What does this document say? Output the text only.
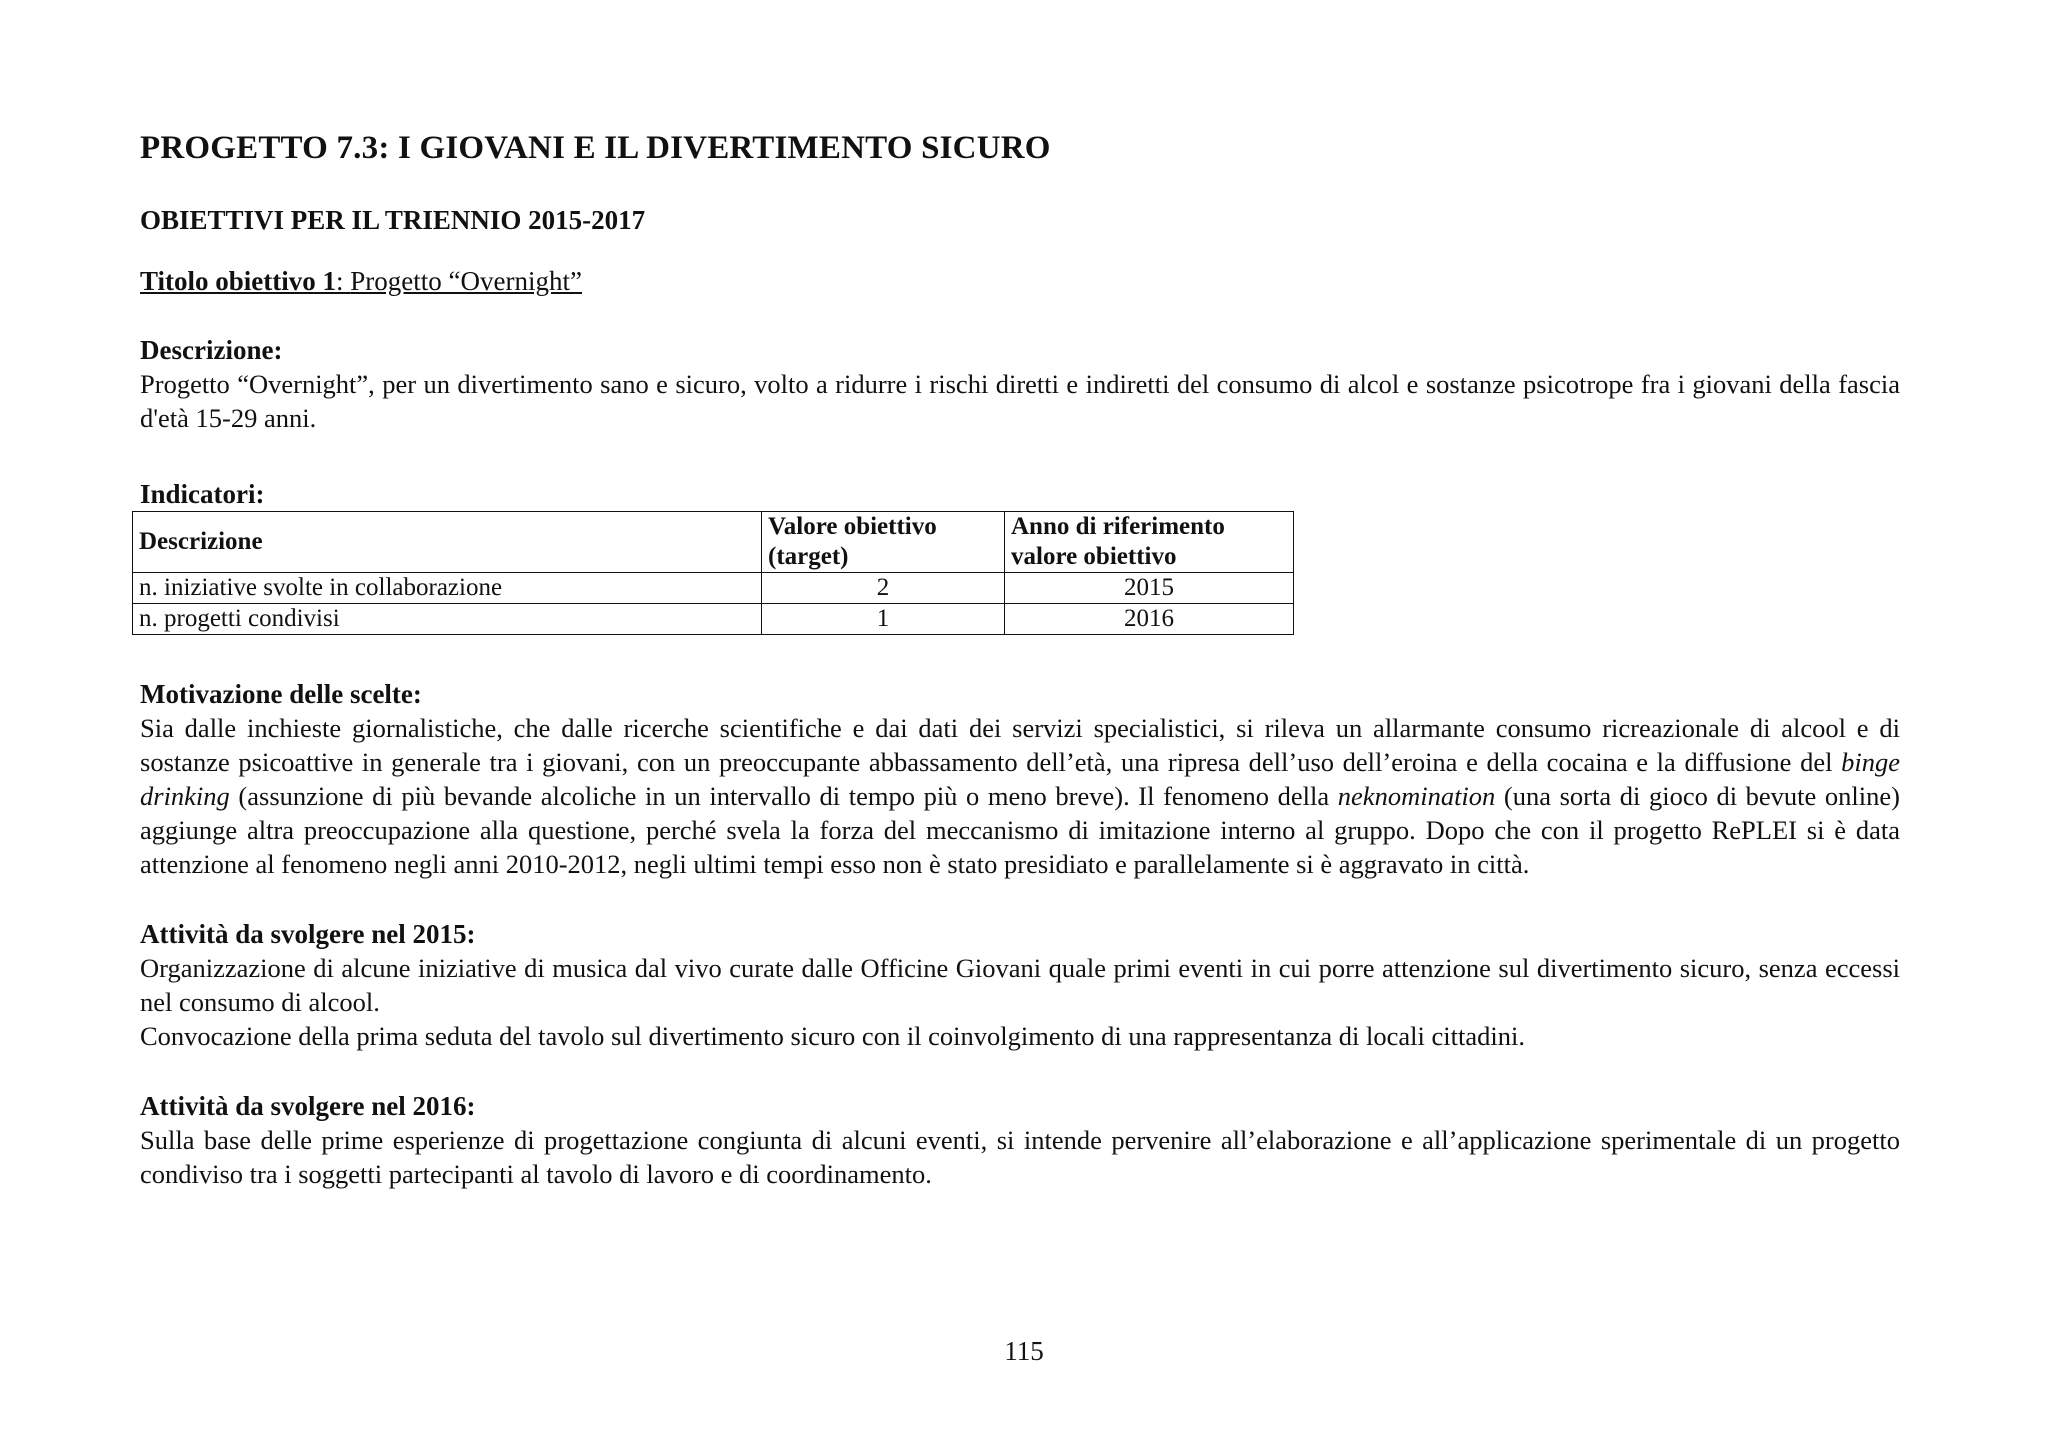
PROGETTO 7.3: I GIOVANI E IL DIVERTIMENTO SICURO
OBIETTIVI PER IL TRIENNIO 2015-2017

Titolo obiettivo 1: Progetto “Overnight”

Descrizione:

Progetto “Overnight”, per un divertimento sano e sicuro, volto a ridurre i rischi diretti e indiretti del consumo di alcol e sostanze psicotrope fra i giovani della fascia d'età 15-29 anni.

Indicatori:

Descrizione	Valore obiettivo (target)	Anno di riferimento valore obiettivo
n. iniziative svolte in collaborazione	2	2015
n. progetti condivisi	1	2016

Motivazione delle scelte:

Sia dalle inchieste giornalistiche, che dalle ricerche scientifiche e dai dati dei servizi specialistici, si rileva un allarmante consumo ricreazionale di alcool e di sostanze psicoattive in generale tra i giovani, con un preoccupante abbassamento dell’età, una ripresa dell’uso dell’eroina e della cocaina e la diffusione del binge drinking (assunzione di più bevande alcoliche in un intervallo di tempo più o meno breve). Il fenomeno della neknomination (una sorta di gioco di bevute online) aggiunge altra preoccupazione alla questione, perché svela la forza del meccanismo di imitazione interno al gruppo. Dopo che con il progetto RePLEI si è data attenzione al fenomeno negli anni 2010-2012, negli ultimi tempi esso non è stato presidiato e parallelamente si è aggravato in città.

Attività da svolgere nel 2015:

Organizzazione di alcune iniziative di musica dal vivo curate dalle Officine Giovani quale primi eventi in cui porre attenzione sul divertimento sicuro, senza eccessi nel consumo di alcool.

Convocazione della prima seduta del tavolo sul divertimento sicuro con il coinvolgimento di una rappresentanza di locali cittadini.

Attività da svolgere nel 2016:

Sulla base delle prime esperienze di progettazione congiunta di alcuni eventi, si intende pervenire all’elaborazione e all’applicazione sperimentale di un progetto condiviso tra i soggetti partecipanti al tavolo di lavoro e di coordinamento.

115
